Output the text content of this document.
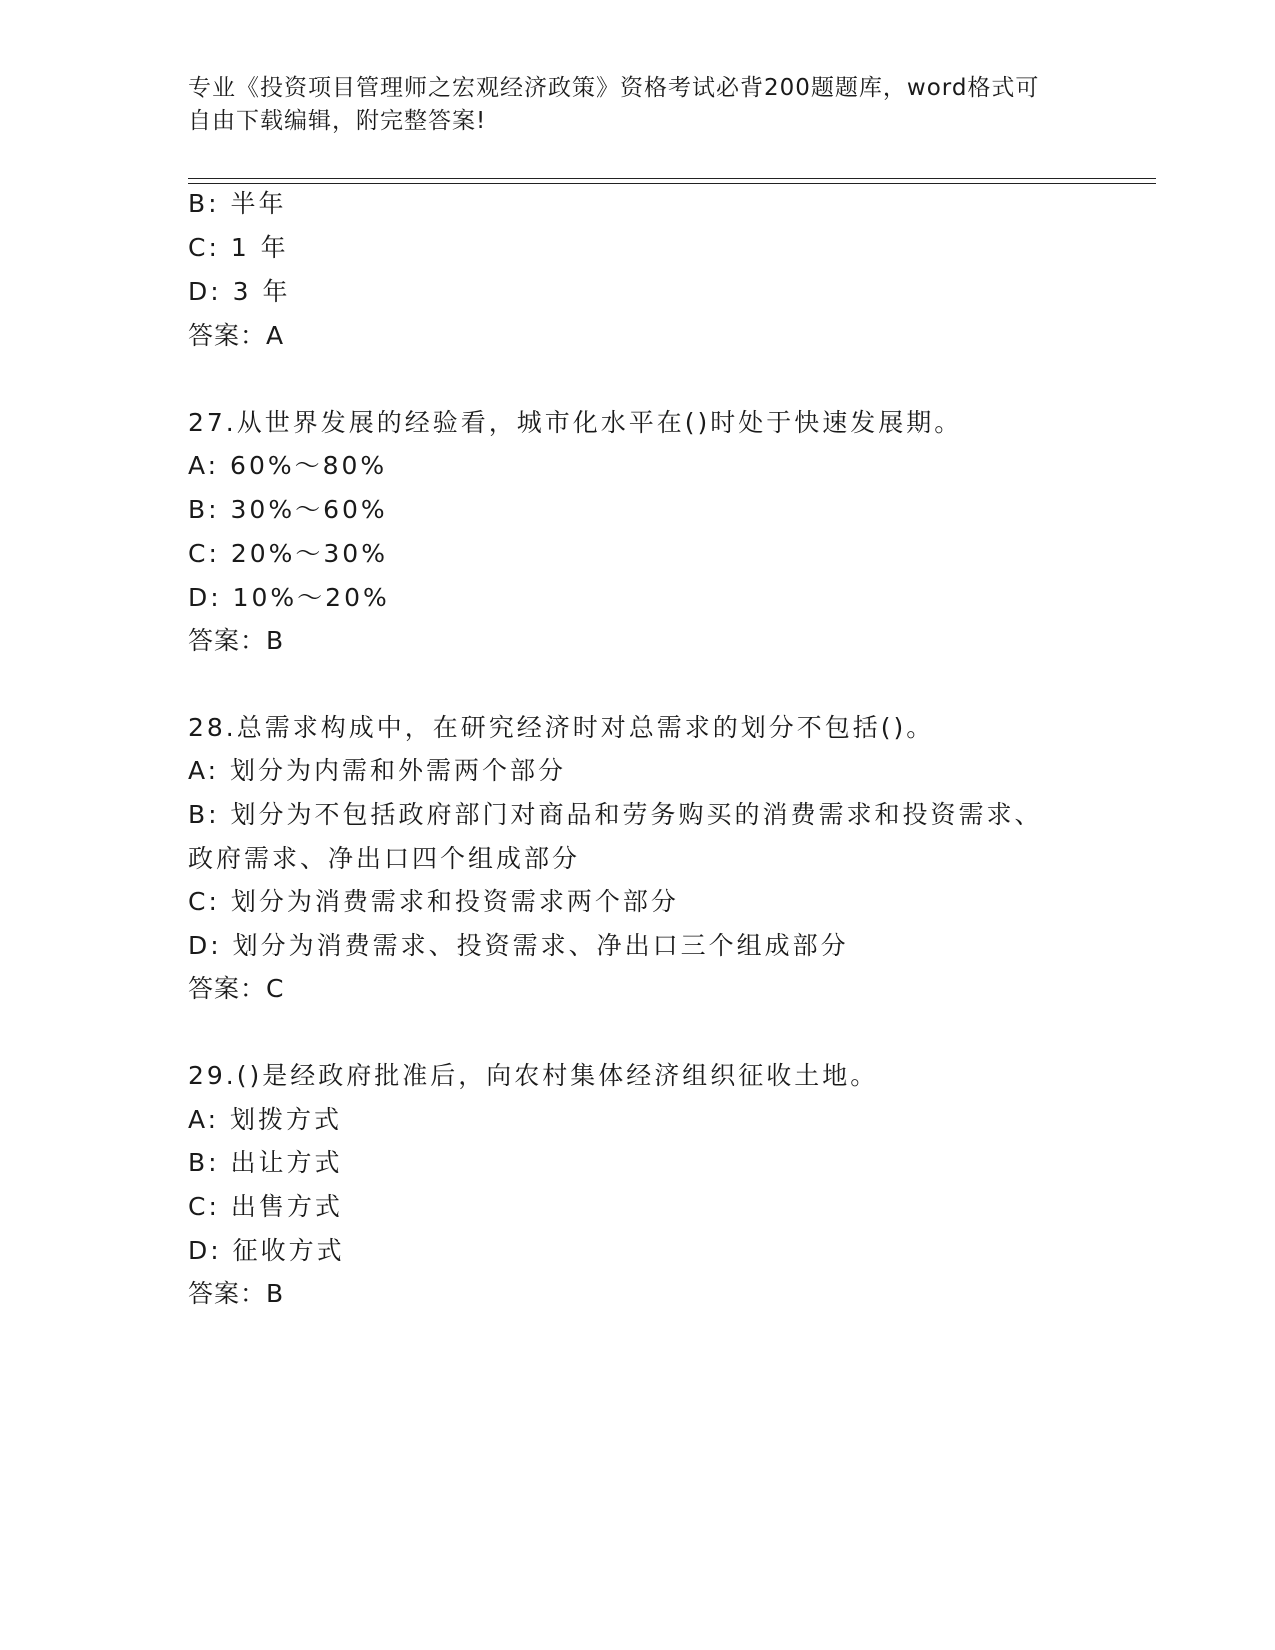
专业《投资项目管理师之宏观经济政策》资格考试必背200题题库，word格式可
自由下载编辑，附完整答案!
B: 半年
C: 1 年
D: 3 年
答案：A
27.从世界发展的经验看，城市化水平在()时处于快速发展期。
A: 60%～80%
B: 30%～60%
C: 20%～30%
D: 10%～20%
答案：B
28.总需求构成中，在研究经济时对总需求的划分不包括()。
A: 划分为内需和外需两个部分
B: 划分为不包括政府部门对商品和劳务购买的消费需求和投资需求、
政府需求、净出口四个组成部分
C: 划分为消费需求和投资需求两个部分
D: 划分为消费需求、投资需求、净出口三个组成部分
答案：C
29.()是经政府批准后，向农村集体经济组织征收土地。
A: 划拨方式
B: 出让方式
C: 出售方式
D: 征收方式
答案：B
